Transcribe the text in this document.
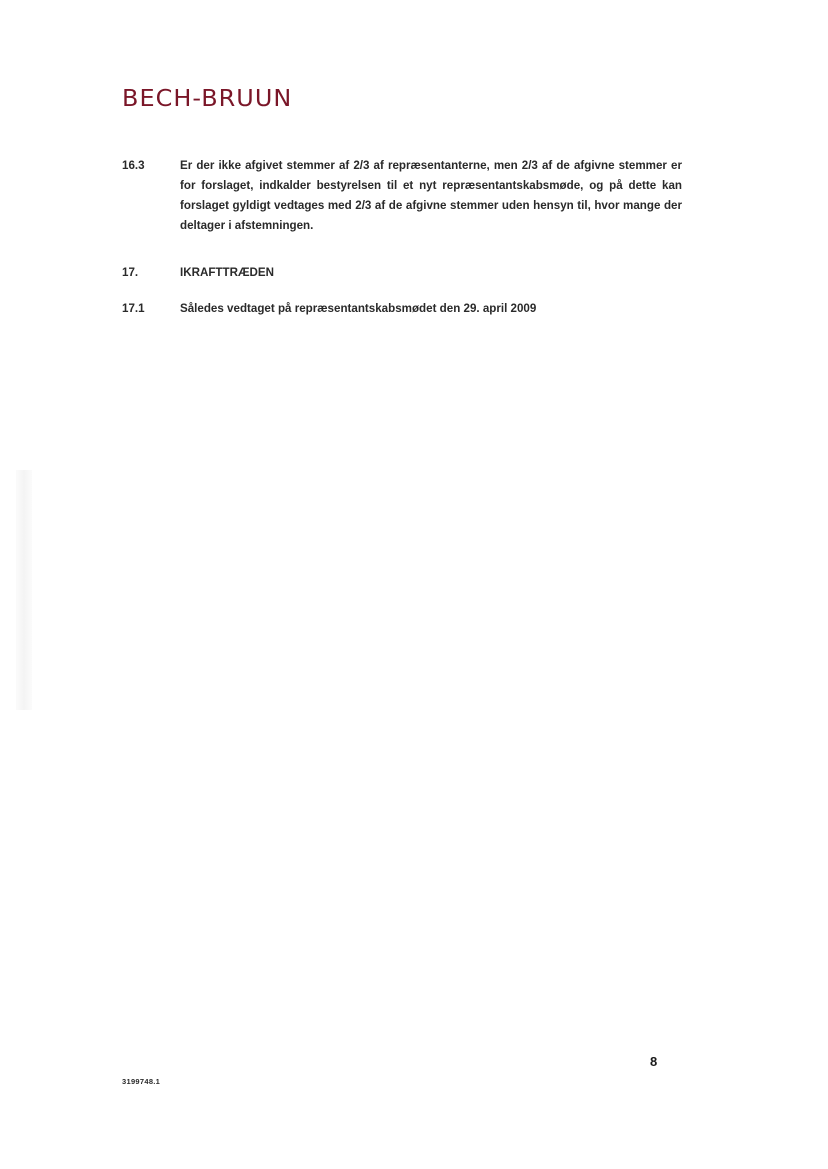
BECH-BRUUN
16.3	Er der ikke afgivet stemmer af 2/3 af repræsentanterne, men 2/3 af de afgivne stemmer er for forslaget, indkalder bestyrelsen til et nyt repræsentantskabsmøde, og på dette kan forslaget gyldigt vedtages med 2/3 af de afgivne stemmer uden hensyn til, hvor mange der deltager i afstemningen.
17.	IKRAFTTRÆDEN
17.1	Således vedtaget på repræsentantskabsmødet den 29. april 2009
8
3199748.1
